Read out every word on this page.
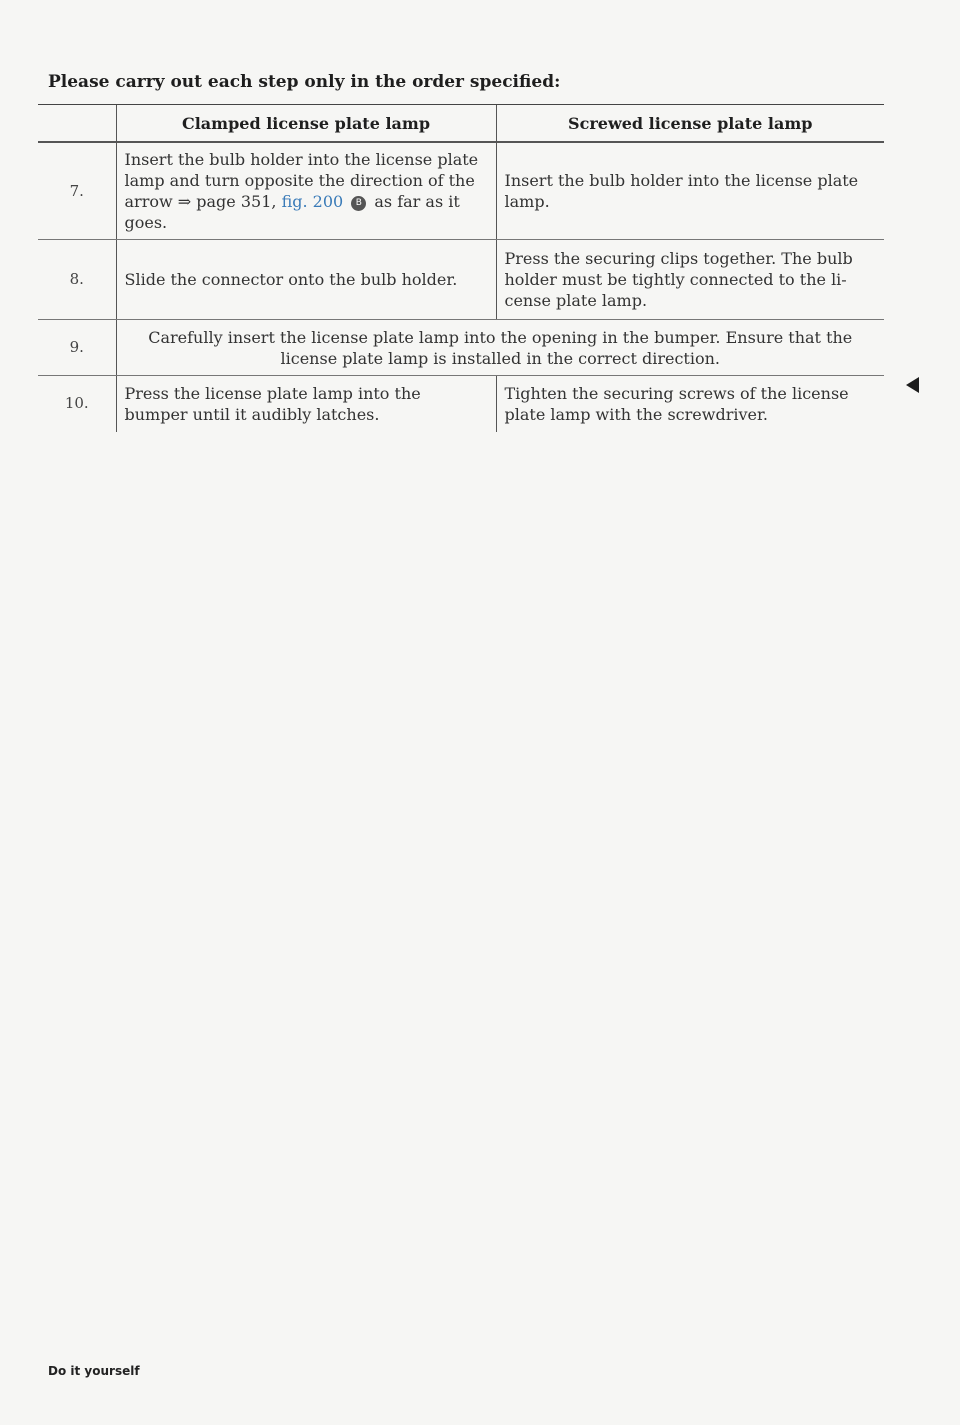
Please carry out each step only in the order specified:
	Clamped license plate lamp	Screwed license plate lamp
7.	Insert the bulb holder into the license plate lamp and turn opposite the direction of the arrow ⇒ page 351, fig. 200 B as far as it goes.	Insert the bulb holder into the license plate lamp.
8.	Slide the connector onto the bulb holder.	Press the securing clips together. The bulb holder must be tightly connected to the li-cense plate lamp.
9.	Carefully insert the license plate lamp into the opening in the bumper. Ensure that the license plate lamp is installed in the correct direction.	
10.	Press the license plate lamp into the bumper until it audibly latches.	Tighten the securing screws of the license plate lamp with the screwdriver.
Do it yourself
